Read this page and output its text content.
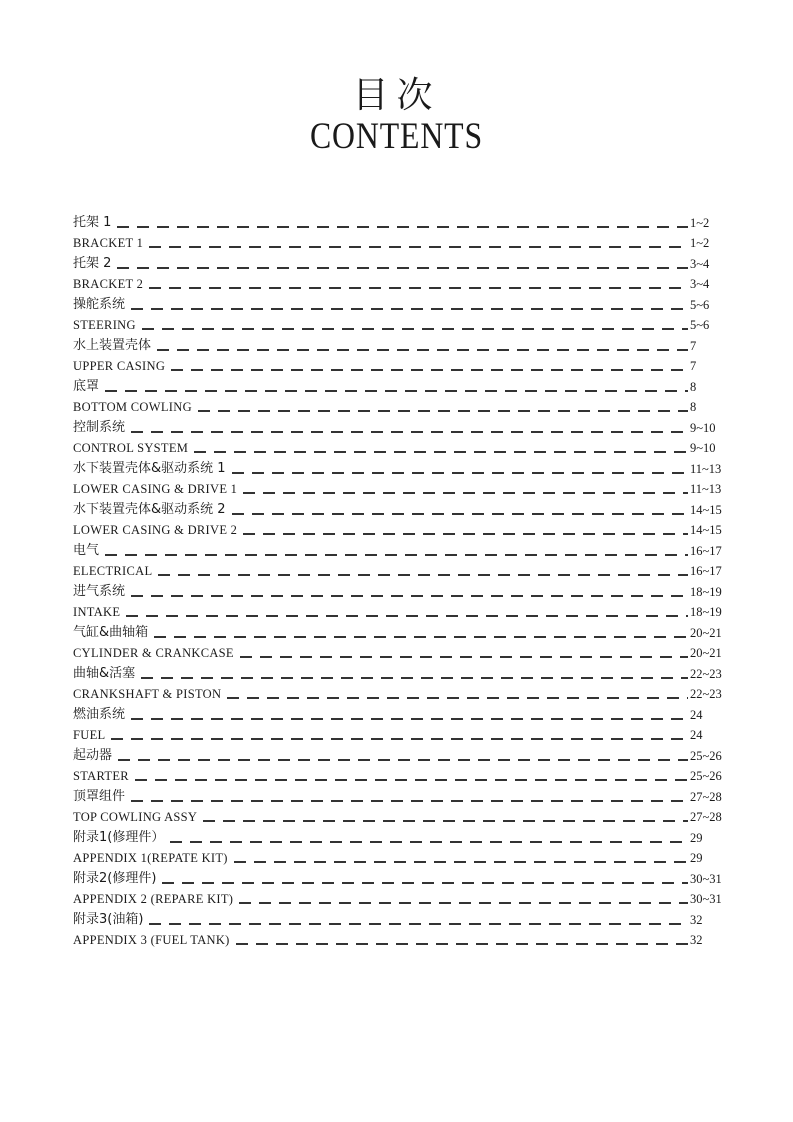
目次
CONTENTS
托架 1	1~2
BRACKET 1	1~2
托架 2	3~4
BRACKET 2	3~4
操舵系统	5~6
STEERING	5~6
水上装置壳体	7
UPPER CASING	7
底罩	8
BOTTOM COWLING	8
控制系统	9~10
CONTROL SYSTEM	9~10
水下装置壳体&驱动系统 1	11~13
LOWER CASING & DRIVE 1	11~13
水下装置壳体&驱动系统 2	14~15
LOWER CASING & DRIVE 2	14~15
电气	16~17
ELECTRICAL	16~17
进气系统	18~19
INTAKE	18~19
气缸&曲轴箱	20~21
CYLINDER & CRANKCASE	20~21
曲轴&活塞	22~23
CRANKSHAFT & PISTON	22~23
燃油系统	24
FUEL	24
起动器	25~26
STARTER	25~26
顶罩组件	27~28
TOP COWLING ASSY	27~28
附录1(修理件）	29
APPENDIX 1(REPATE KIT)	29
附录2(修理件)	30~31
APPENDIX 2 (REPARE KIT)	30~31
附录3(油箱)	32
APPENDIX 3 (FUEL TANK)	32
